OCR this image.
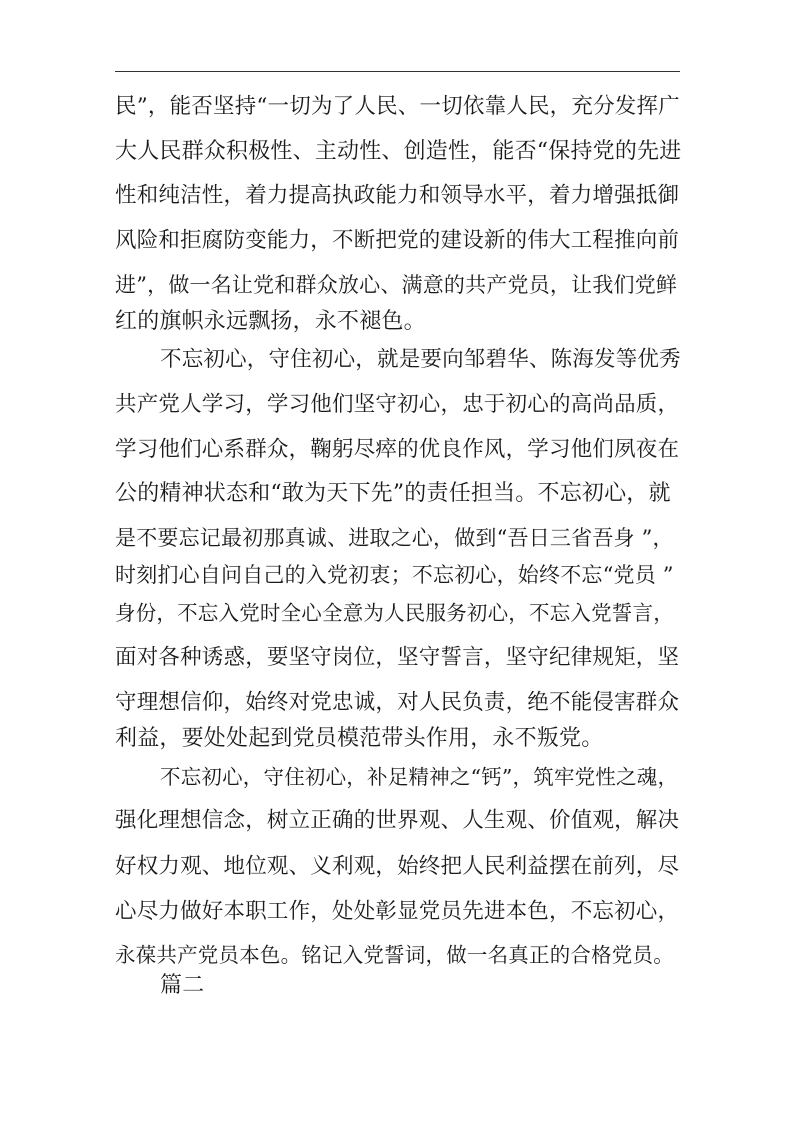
民”，能否坚持“一切为了人民、一切依靠人民，充分发挥广
大人民群众积极性、主动性、创造性，能否“保持党的先进
性和纯洁性，着力提高执政能力和领导水平，着力增强抵御
风险和拒腐防变能力，不断把党的建设新的伟大工程推向前
进”，做一名让党和群众放心、满意的共产党员，让我们党鲜
红的旗帜永远飘扬，永不褪色。
不忘初心，守住初心，就是要向邹碧华、陈海发等优秀
共产党人学习，学习他们坚守初心，忠于初心的高尚品质，
学习他们心系群众，鞠躬尽瘁的优良作风，学习他们夙夜在
公的精神状态和“敢为天下先”的责任担当。不忘初心，就
是不要忘记最初那真诚、进取之心，做到“吾日三省吾身 ”，
时刻扪心自问自己的入党初衷；不忘初心，始终不忘“党员 ”
身份，不忘入党时全心全意为人民服务初心，不忘入党誓言，
面对各种诱惑，要坚守岗位，坚守誓言，坚守纪律规矩，坚
守理想信仰，始终对党忠诚，对人民负责，绝不能侵害群众
利益，要处处起到党员模范带头作用，永不叛党。
不忘初心，守住初心，补足精神之“钙”，筑牢党性之魂，
强化理想信念，树立正确的世界观、人生观、价值观，解决
好权力观、地位观、义利观，始终把人民利益摆在前列，尽
心尽力做好本职工作，处处彰显党员先进本色，不忘初心，
永葆共产党员本色。铭记入党誓词，做一名真正的合格党员。
篇二
